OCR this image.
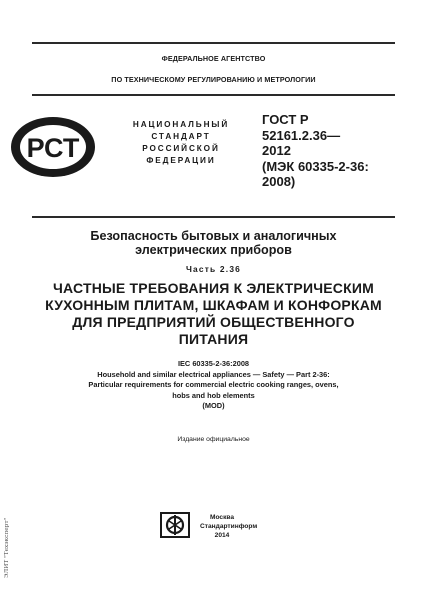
ФЕДЕРАЛЬНОЕ АГЕНТСТВО
ПО ТЕХНИЧЕСКОМУ РЕГУЛИРОВАНИЮ И МЕТРОЛОГИИ
РСТ
НАЦИОНАЛЬНЫЙ
СТАНДАРТ
РОССИЙСКОЙ
ФЕДЕРАЦИИ
ГОСТ Р
52161.2.36—
2012
(МЭК 60335-2-36:
2008)
Безопасность бытовых и аналогичных
электрических приборов
Часть 2.36
ЧАСТНЫЕ ТРЕБОВАНИЯ К ЭЛЕКТРИЧЕСКИМ
КУХОННЫМ ПЛИТАМ, ШКАФАМ И КОНФОРКАМ
ДЛЯ ПРЕДПРИЯТИЙ ОБЩЕСТВЕННОГО
ПИТАНИЯ
IEC 60335-2-36:2008
Household and similar electrical appliances — Safety — Part 2-36:
Particular requirements for commercial electric cooking ranges, ovens,
hobs and hob elements
(MOD)
Издание официальное
Москва
Стандартинформ
2014
ЭЛИТ "Техэксперт"
